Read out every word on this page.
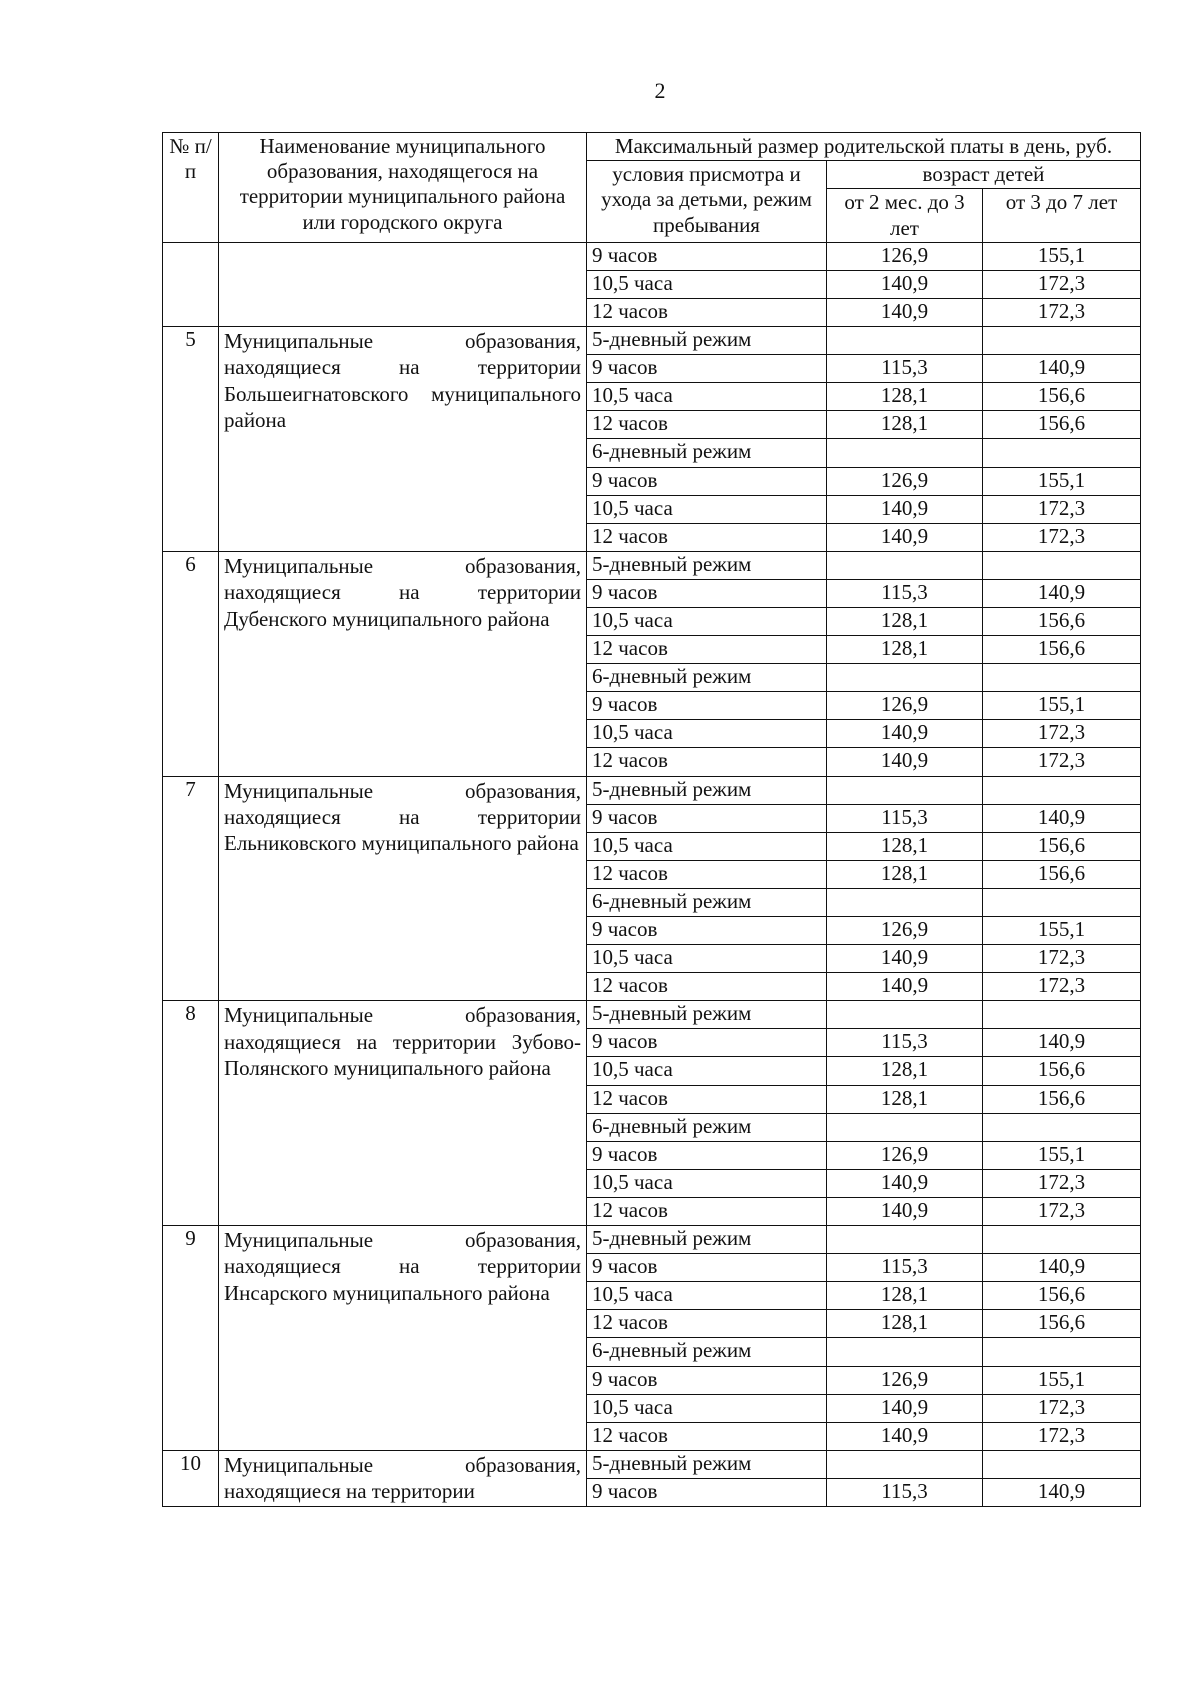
2
№ п/п	Наименование муниципального образования, находящегося на территории муниципального района или городского округа	Максимальный размер родительской платы в день, руб.		
		условия присмотра и ухода за детьми, режим пребывания	возраст детей	
			от 2 мес. до 3 лет	от 3 до 7 лет
		9 часов	126,9	155,1
		10,5 часа	140,9	172,3
		12 часов	140,9	172,3
5	Муниципальные образования, находящиеся на территории Большеигнатовского муниципального района	5-дневный режим		
		9 часов	115,3	140,9
		10,5 часа	128,1	156,6
		12 часов	128,1	156,6
		6-дневный режим		
		9 часов	126,9	155,1
		10,5 часа	140,9	172,3
		12 часов	140,9	172,3
6	Муниципальные образования, находящиеся на территории Дубенского муниципального района	5-дневный режим		
		9 часов	115,3	140,9
		10,5 часа	128,1	156,6
		12 часов	128,1	156,6
		6-дневный режим		
		9 часов	126,9	155,1
		10,5 часа	140,9	172,3
		12 часов	140,9	172,3
7	Муниципальные образования, находящиеся на территории Ельниковского муниципального района	5-дневный режим		
		9 часов	115,3	140,9
		10,5 часа	128,1	156,6
		12 часов	128,1	156,6
		6-дневный режим		
		9 часов	126,9	155,1
		10,5 часа	140,9	172,3
		12 часов	140,9	172,3
8	Муниципальные образования, находящиеся на территории Зубово-Полянского муниципального района	5-дневный режим		
		9 часов	115,3	140,9
		10,5 часа	128,1	156,6
		12 часов	128,1	156,6
		6-дневный режим		
		9 часов	126,9	155,1
		10,5 часа	140,9	172,3
		12 часов	140,9	172,3
9	Муниципальные образования, находящиеся на территории Инсарского муниципального района	5-дневный режим		
		9 часов	115,3	140,9
		10,5 часа	128,1	156,6
		12 часов	128,1	156,6
		6-дневный режим		
		9 часов	126,9	155,1
		10,5 часа	140,9	172,3
		12 часов	140,9	172,3
10	Муниципальные образования, находящиеся на территории	5-дневный режим		
		9 часов	115,3	140,9
